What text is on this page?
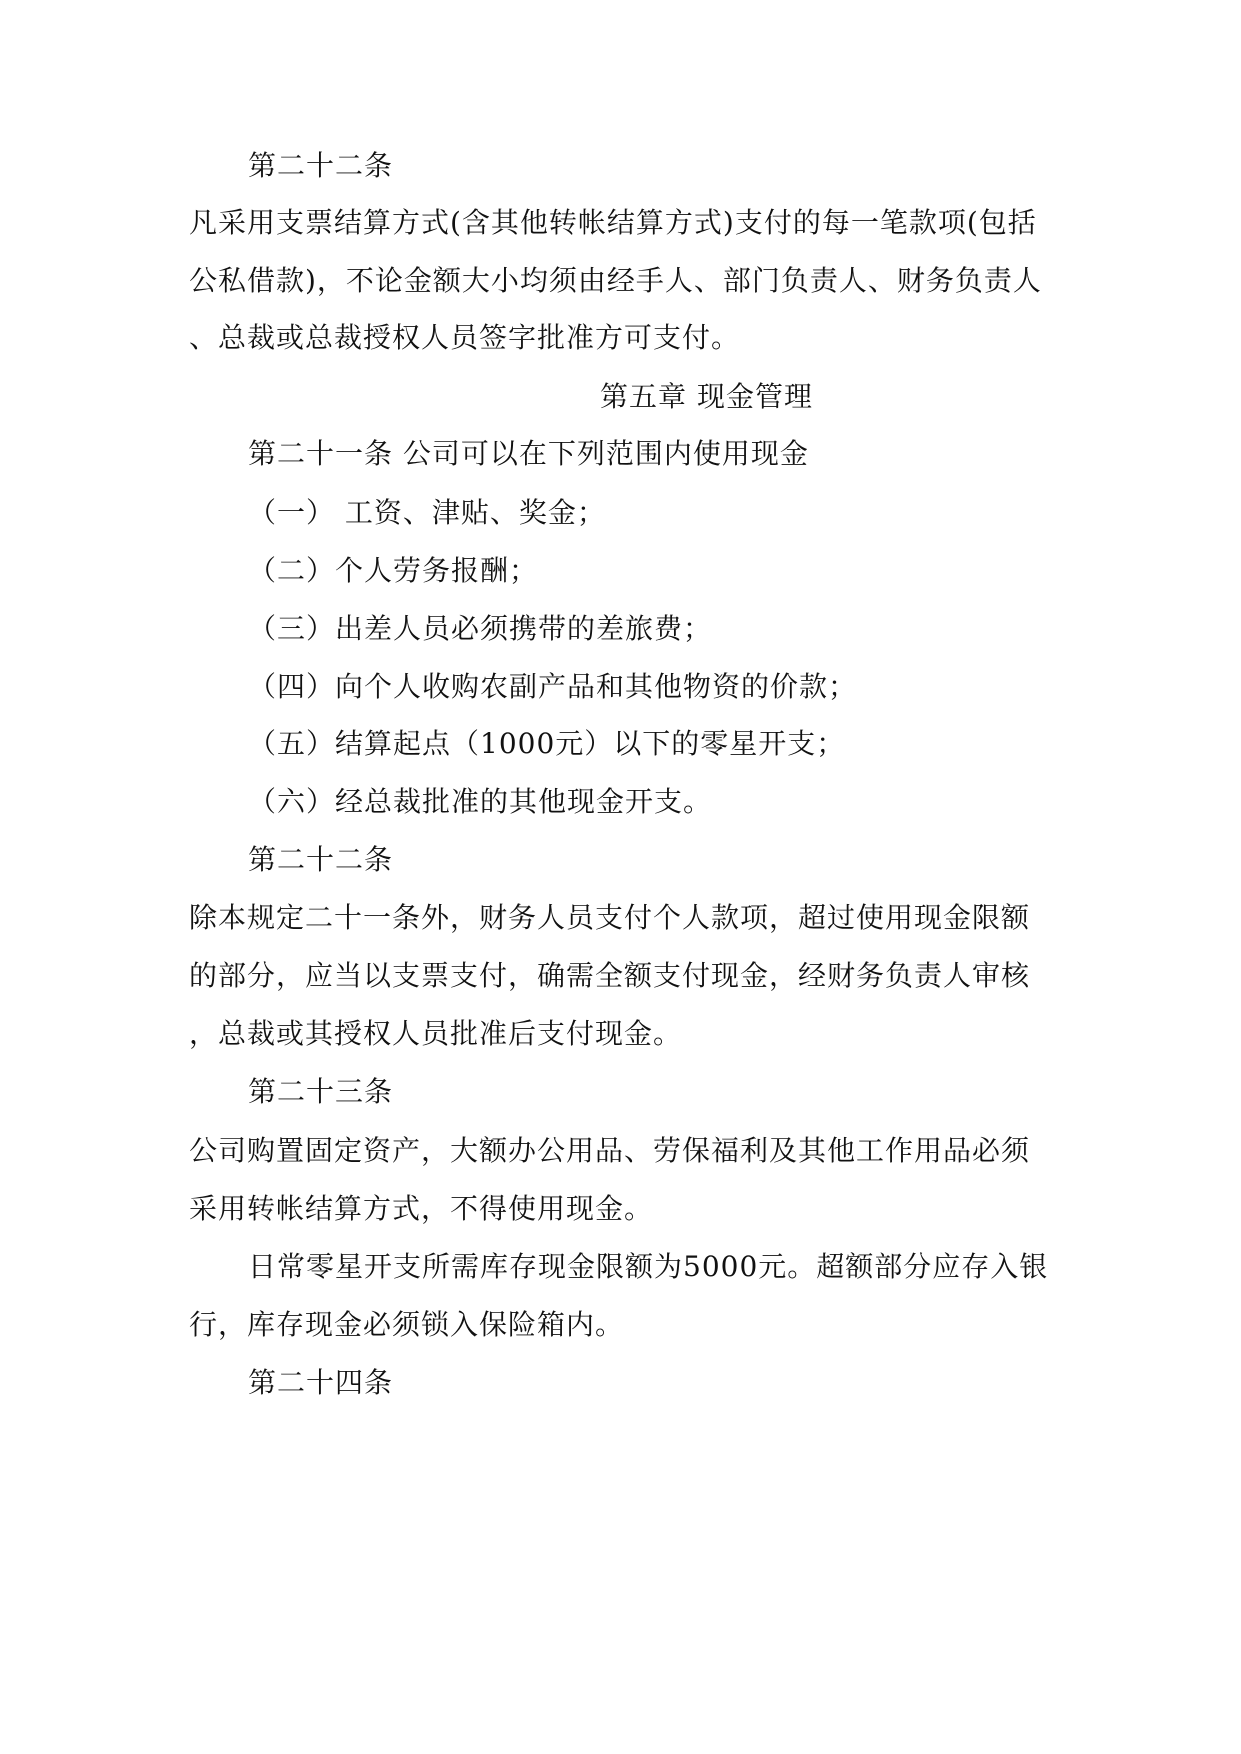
第二十二条
凡采用支票结算方式(含其他转帐结算方式)支付的每一笔款项(包括
公私借款)，不论金额大小均须由经手人、部门负责人、财务负责人
、总裁或总裁授权人员签字批准方可支付。
第五章 现金管理
第二十一条 公司可以在下列范围内使用现金
（一） 工资、津贴、奖金；
（二）个人劳务报酬；
（三）出差人员必须携带的差旅费；
（四）向个人收购农副产品和其他物资的价款；
（五）结算起点（1000元）以下的零星开支；
（六）经总裁批准的其他现金开支。
第二十二条
除本规定二十一条外，财务人员支付个人款项，超过使用现金限额
的部分，应当以支票支付，确需全额支付现金，经财务负责人审核
，总裁或其授权人员批准后支付现金。
第二十三条
公司购置固定资产，大额办公用品、劳保福利及其他工作用品必须
采用转帐结算方式，不得使用现金。
日常零星开支所需库存现金限额为5000元。超额部分应存入银
行，库存现金必须锁入保险箱内。
第二十四条
